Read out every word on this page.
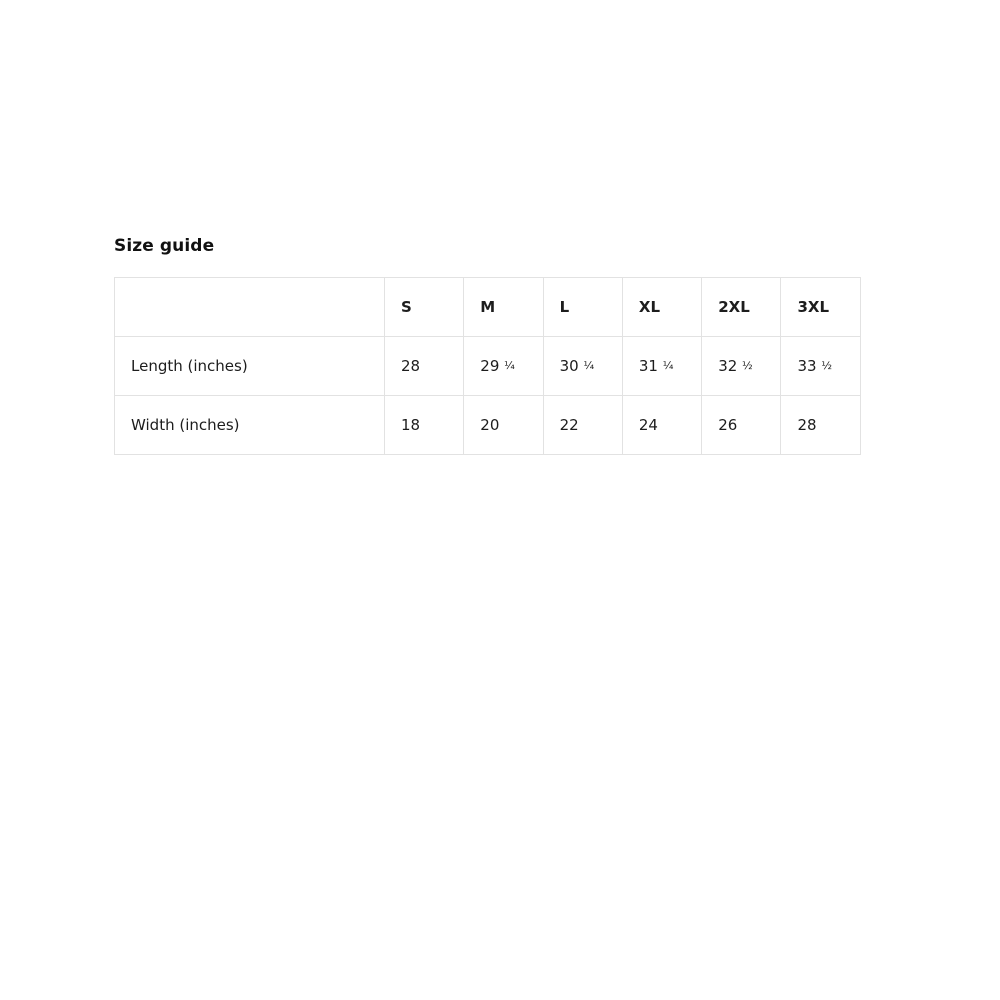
Size guide
	S	M	L	XL	2XL	3XL
Length (inches)	28	29 ¼	30 ¼	31 ¼	32 ½	33 ½
Width (inches)	18	20	22	24	26	28
